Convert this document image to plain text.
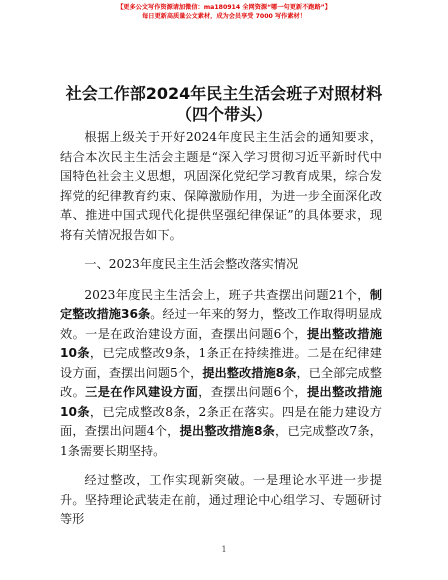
【更多公文写作资源请加微信：ma180914 全网资源“哪一句更新不跑路”】
每日更新高质量公文素材，成为会员享受 7000 写作素材！
社会工作部2024年民主生活会班子对照材料
（四个带头）

根据上级关于开好2024年度民主生活会的通知要求，结合本次民主生活会主题是“深入学习贯彻习近平新时代中国特色社会主义思想，巩固深化党纪学习教育成果，综合发挥党的纪律教育约束、保障激励作用，为进一步全面深化改革、推进中国式现代化提供坚强纪律保证”的具体要求，现将有关情况报告如下。

一、2023年度民主生活会整改落实情况

2023年度民主生活会上，班子共查摆出问题21个，制定整改措施36条。经过一年来的努力，整改工作取得明显成效。一是在政治建设方面，查摆出问题6个，提出整改措施10条，已完成整改9条，1条正在持续推进。二是在纪律建设方面，查摆出问题5个，提出整改措施8条，已全部完成整改。三是在作风建设方面，查摆出问题6个，提出整改措施10条，已完成整改8条，2条正在落实。四是在能力建设方面，查摆出问题4个，提出整改措施8条，已完成整改7条，1条需要长期坚持。

经过整改，工作实现新突破。一是理论水平进一步提升。坚持理论武装走在前，通过理论中心组学习、专题研讨等形

1
